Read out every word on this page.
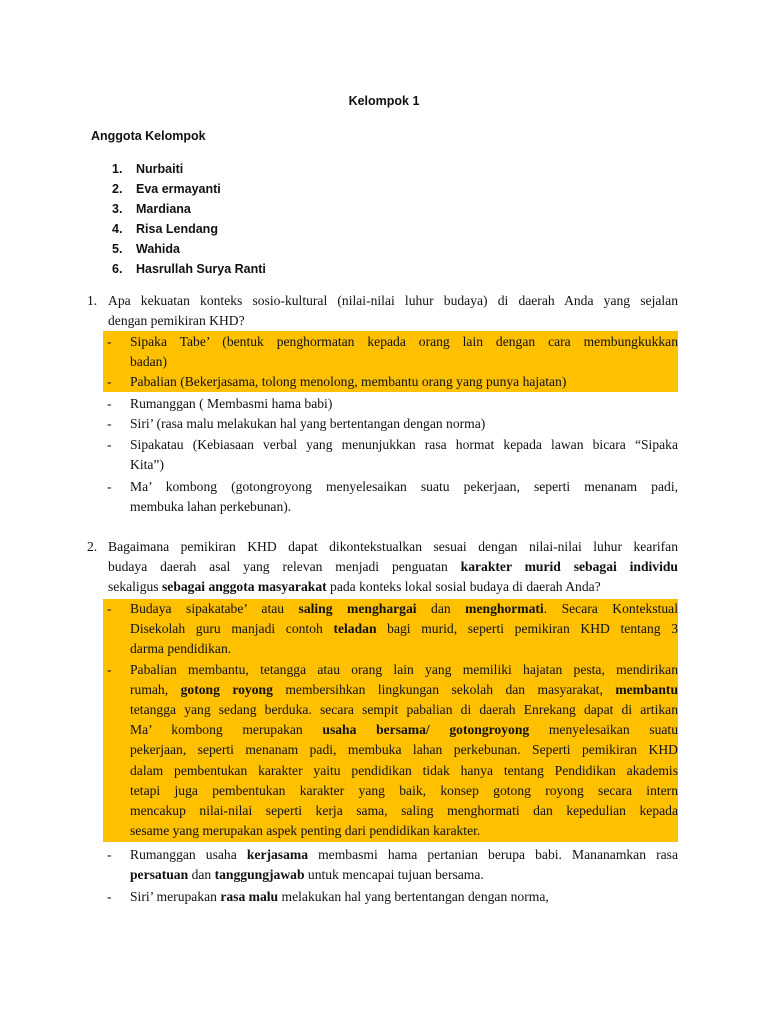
Kelompok 1
Anggota Kelompok
1. Nurbaiti
2. Eva ermayanti
3. Mardiana
4. Risa Lendang
5. Wahida
6. Hasrullah Surya Ranti
1. Apa kekuatan konteks sosio-kultural (nilai-nilai luhur budaya) di daerah Anda yang sejalan
dengan pemikiran KHD?
- Sipaka Tabe’ (bentuk penghormatan kepada orang lain dengan cara membungkukkan
badan)
- Pabalian (Bekerjasama, tolong menolong, membantu orang yang punya hajatan)
- Rumanggan ( Membasmi hama babi)
- Siri’ (rasa malu melakukan hal yang bertentangan dengan norma)
- Sipakatau (Kebiasaan verbal yang menunjukkan rasa hormat kepada lawan bicara “Sipaka
Kita”)
- Ma’ kombong (gotongroyong menyelesaikan suatu pekerjaan, seperti menanam padi,
membuka lahan perkebunan).
2. Bagaimana pemikiran KHD dapat dikontekstualkan sesuai dengan nilai-nilai luhur kearifan
budaya daerah asal yang relevan menjadi penguatan karakter murid sebagai individu
sekaligus sebagai anggota masyarakat pada konteks lokal sosial budaya di daerah Anda?
- Budaya sipakatabe’ atau saling menghargai dan menghormati. Secara Kontekstual
Disekolah guru manjadi contoh teladan bagi murid, seperti pemikiran KHD tentang 3
darma pendidikan.
- Pabalian membantu, tetangga atau orang lain yang memiliki hajatan pesta, mendirikan
rumah, gotong royong membersihkan lingkungan sekolah dan masyarakat, membantu
tetangga yang sedang berduka. secara sempit pabalian di daerah Enrekang dapat di artikan
Ma’ kombong merupakan usaha bersama/ gotongroyong menyelesaikan suatu
pekerjaan, seperti menanam padi, membuka lahan perkebunan. Seperti pemikiran KHD
dalam pembentukan karakter yaitu pendidikan tidak hanya tentang Pendidikan akademis
tetapi juga pembentukan karakter yang baik, konsep gotong royong secara intern
mencakup nilai-nilai seperti kerja sama, saling menghormati dan kepedulian kepada
sesame yang merupakan aspek penting dari pendidikan karakter.
- Rumanggan usaha kerjasama membasmi hama pertanian berupa babi. Mananamkan rasa
persatuan dan tanggungjawab untuk mencapai tujuan bersama.
- Siri’ merupakan rasa malu melakukan hal yang bertentangan dengan norma,
